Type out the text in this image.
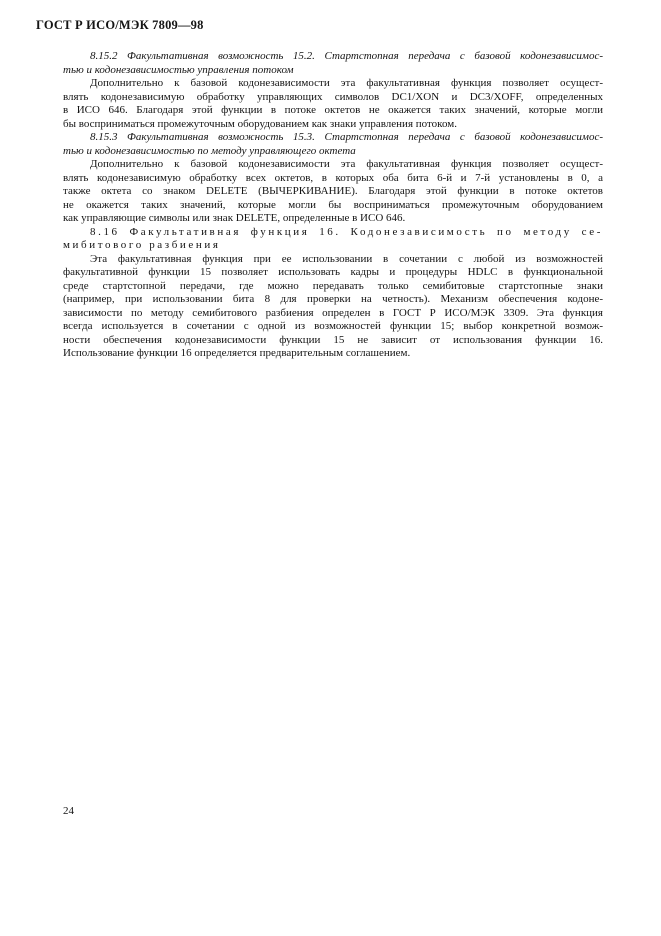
ГОСТ Р ИСО/МЭК 7809—98
8.15.2 Факультативная возможность 15.2. Стартстопная передача с базовой кодонезависимос-
тью и кодонезависимостью управления потоком
Дополнительно к базовой кодонезависимости эта факультативная функция позволяет осущест-
влять кодонезависимую обработку управляющих символов DC1/XON и DC3/XOFF, определенных
в ИСО 646. Благодаря этой функции в потоке октетов не окажется таких значений, которые могли
бы восприниматься промежуточным оборудованием как знаки управления потоком.
8.15.3 Факультативная возможность 15.3. Стартстопная передача с базовой кодонезависимос-
тью и кодонезависимостью по методу управляющего октета
Дополнительно к базовой кодонезависимости эта факультативная функция позволяет осущест-
влять кодонезависимую обработку всех октетов, в которых оба бита 6-й и 7-й установлены в 0, а
также октета со знаком DELETE (ВЫЧЕРКИВАНИЕ). Благодаря этой функции в потоке октетов
не окажется таких значений, которые могли бы восприниматься промежуточным оборудованием
как управляющие символы или знак DELETE, определенные в ИСО 646.
8.16 Факультативная функция 16. Кодонезависимость по методу се-
мибитового разбиения
Эта факультативная функция при ее использовании в сочетании с любой из возможностей
факультативной функции 15 позволяет использовать кадры и процедуры HDLC в функциональной
среде стартстопной передачи, где можно передавать только семибитовые стартстопные знаки
(например, при использовании бита 8 для проверки на четность). Механизм обеспечения кодоне-
зависимости по методу семибитового разбиения определен в ГОСТ Р ИСО/МЭК 3309. Эта функция
всегда используется в сочетании с одной из возможностей функции 15; выбор конкретной возмож-
ности обеспечения кодонезависимости функции 15 не зависит от использования функции 16.
Использование функции 16 определяется предварительным соглашением.
24
